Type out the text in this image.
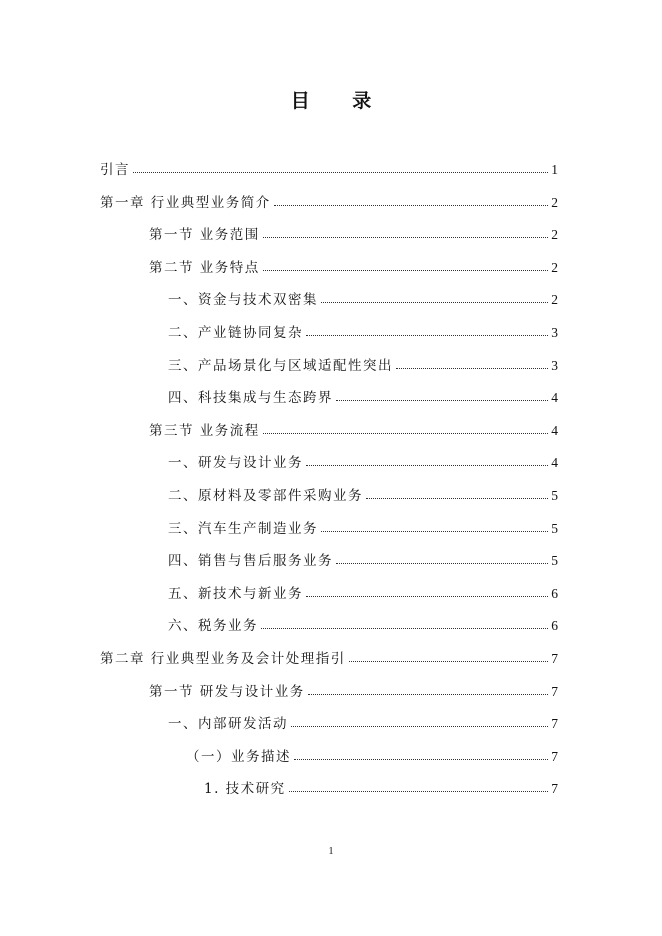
目 录
引言	1
第一章 行业典型业务简介	2
第一节 业务范围	2
第二节 业务特点	2
一、资金与技术双密集	2
二、产业链协同复杂	3
三、产品场景化与区域适配性突出	3
四、科技集成与生态跨界	4
第三节 业务流程	4
一、研发与设计业务	4
二、原材料及零部件采购业务	5
三、汽车生产制造业务	5
四、销售与售后服务业务	5
五、新技术与新业务	6
六、税务业务	6
第二章 行业典型业务及会计处理指引	7
第一节 研发与设计业务	7
一、内部研发活动	7
（一）业务描述	7
1. 技术研究	7
1
